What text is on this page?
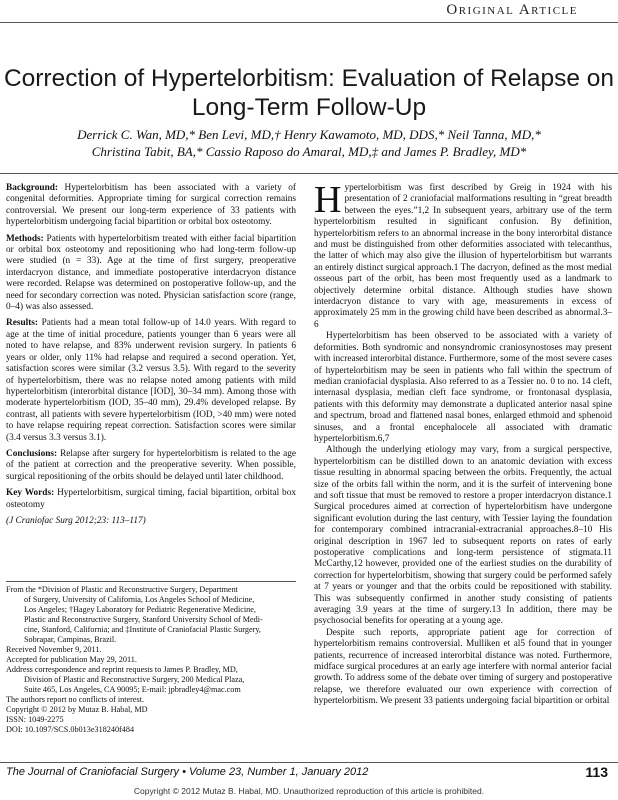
Original Article
Correction of Hypertelorbitism: Evaluation of Relapse on Long-Term Follow-Up
Derrick C. Wan, MD,* Ben Levi, MD,† Henry Kawamoto, MD, DDS,* Neil Tanna, MD,*
Christina Tabit, BA,* Cassio Raposo do Amaral, MD,‡ and James P. Bradley, MD*

Background: Hypertelorbitism has been associated with a variety of congenital deformities. Appropriate timing for surgical correction remains controversial. We present our long-term experience of 33 patients with hypertelorbitism undergoing facial bipartition or orbital box osteotomy.

Methods: Patients with hypertelorbitism treated with either facial bipartition or orbital box osteotomy and repositioning who had long-term follow-up were studied (n = 33). Age at the time of first surgery, preoperative interdacryon distance, and immediate postoperative interdacryon distance were recorded. Relapse was determined on postoperative follow-up, and the need for secondary correction was noted. Physician satisfaction score (range, 0–4) was also assessed.

Results: Patients had a mean total follow-up of 14.0 years. With regard to age at the time of initial procedure, patients younger than 6 years were all noted to have relapse, and 83% underwent revision surgery. In patients 6 years or older, only 11% had relapse and required a second operation. Yet, satisfaction scores were similar (3.2 versus 3.5). With regard to the severity of hypertelorbitism, there was no relapse noted among patients with mild hypertelorbitism (interorbital distance [IOD], 30–34 mm). Among those with moderate hypertelorbitism (IOD, 35–40 mm), 29.4% developed relapse. By contrast, all patients with severe hypertelorbitism (IOD, >40 mm) were noted to have relapse requiring repeat correction. Satisfaction scores were similar (3.4 versus 3.3 versus 3.1).

Conclusions: Relapse after surgery for hypertelorbitism is related to the age of the patient at correction and the preoperative severity. When possible, surgical repositioning of the orbits should be delayed until later childhood.

Key Words: Hypertelorbitism, surgical timing, facial bipartition, orbital box osteotomy

(J Craniofac Surg 2012;23: 113–117)

From the *Division of Plastic and Reconstructive Surgery, Department

of Surgery, University of California, Los Angeles School of Medicine,

Los Angeles; †Hagey Laboratory for Pediatric Regenerative Medicine,

Plastic and Reconstructive Surgery, Stanford University School of Medi-

cine, Stanford, California; and ‡Institute of Craniofacial Plastic Surgery,

Sobrapar, Campinas, Brazil.

Received November 9, 2011.

Accepted for publication May 29, 2011.

Address correspondence and reprint requests to James P. Bradley, MD,

Division of Plastic and Reconstructive Surgery, 200 Medical Plaza,

Suite 465, Los Angeles, CA 90095; E-mail: jpbradley4@mac.com

The authors report no conflicts of interest.

Copyright © 2012 by Mutaz B. Habal, MD

ISSN: 1049-2275

DOI: 10.1097/SCS.0b013e318240f484

Hypertelorbitism was first described by Greig in 1924 with his presentation of 2 craniofacial malformations resulting in “great breadth between the eyes.”1,2 In subsequent years, arbitrary use of the term hypertelorbitism resulted in significant confusion. By definition, hypertelorbitism refers to an abnormal increase in the bony interorbital distance and must be distinguished from other deformities associated with telecanthus, the latter of which may also give the illusion of hypertelorbitism but warrants an entirely distinct surgical approach.1 The dacryon, defined as the most medial osseous part of the orbit, has been most frequently used as a landmark to objectively determine orbital distance. Although studies have shown interdacryon distance to vary with age, measurements in excess of approximately 25 mm in the growing child have been described as abnormal.3–6

Hypertelorbitism has been observed to be associated with a variety of deformities. Both syndromic and nonsyndromic craniosynostoses may present with increased interorbital distance. Furthermore, some of the most severe cases of hypertelorbitism may be seen in patients who fall within the spectrum of median craniofacial dysplasia. Also referred to as a Tessier no. 0 to no. 14 cleft, internasal dysplasia, median cleft face syndrome, or frontonasal dysplasia, patients with this deformity may demonstrate a duplicated anterior nasal spine and spectrum, broad and flattened nasal bones, enlarged ethmoid and sphenoid sinuses, and a frontal encephalocele all associated with dramatic hypertelorbitism.6,7

Although the underlying etiology may vary, from a surgical perspective, hypertelorbitism can be distilled down to an anatomic deviation with excess tissue resulting in abnormal spacing between the orbits. Frequently, the actual size of the orbits fall within the norm, and it is the surfeit of intervening bone and soft tissue that must be removed to restore a proper interdacryon distance.1 Surgical procedures aimed at correction of hypertelorbitism have undergone significant evolution during the last century, with Tessier laying the foundation for contemporary combined intracranial-extracranial approaches.8–10 His original description in 1967 led to subsequent reports on rates of early postoperative complications and long-term persistence of stigmata.11 McCarthy,12 however, provided one of the earliest studies on the durability of correction for hypertelorbitism, showing that surgery could be performed safely at 7 years or younger and that the orbits could be repositioned with stability. This was subsequently confirmed in another study consisting of patients averaging 3.9 years at the time of surgery.13 In addition, there may be psychosocial benefits for operating at a young age.

Despite such reports, appropriate patient age for correction of hypertelorbitism remains controversial. Mulliken et al5 found that in younger patients, recurrence of increased interorbital distance was noted. Furthermore, midface surgical procedures at an early age interfere with normal anterior facial growth. To address some of the debate over timing of surgery and postoperative relapse, we therefore evaluated our own experience with correction of hypertelorbitism. We present 33 patients undergoing facial bipartition or orbital

The Journal of Craniofacial Surgery • Volume 23, Number 1, January 2012	113
Copyright © 2012 Mutaz B. Habal, MD. Unauthorized reproduction of this article is prohibited.
